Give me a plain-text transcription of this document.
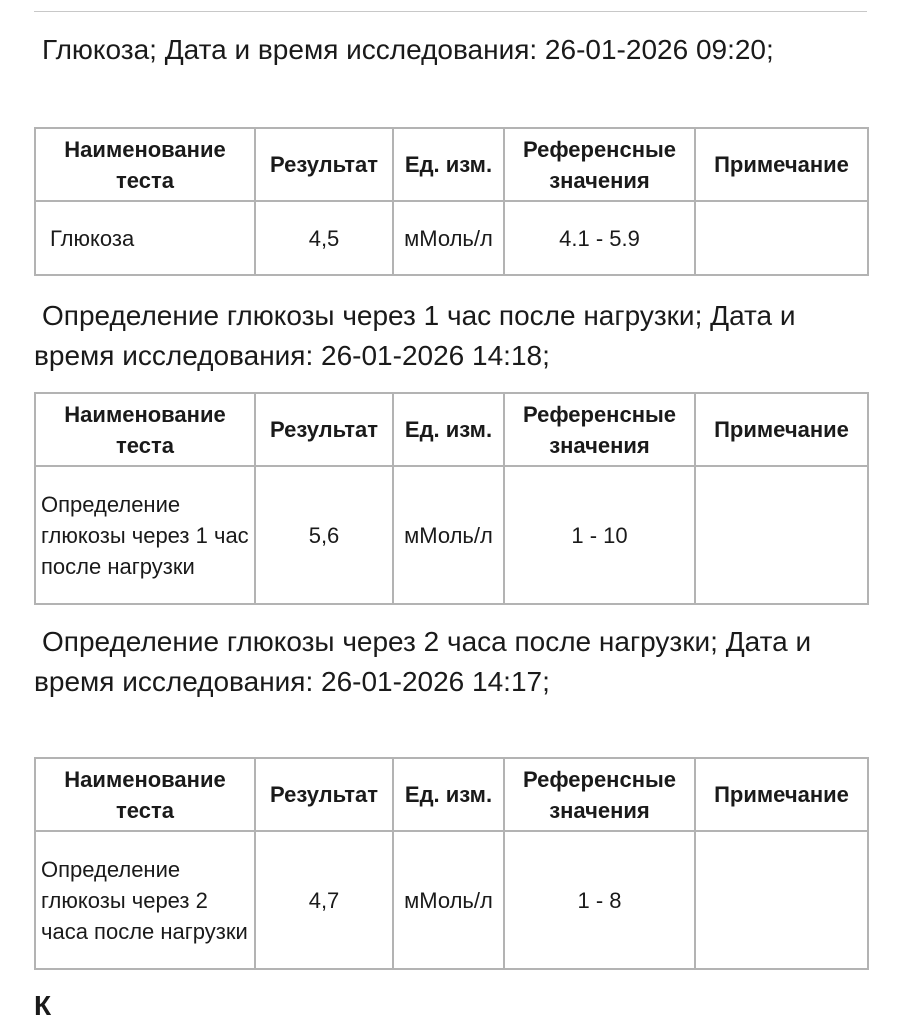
Глюкоза; Дата и время исследования: 26-01-2026 09:20;

Наименование теста	Результат	Ед. изм.	Референсные значения	Примечание
Глюкоза	4,5	мМоль/л	4.1 - 5.9	

Определение глюкозы через 1 час после нагрузки; Дата и время исследования: 26-01-2026 14:18;

Наименование теста	Результат	Ед. изм.	Референсные значения	Примечание
Определение глюкозы через 1 час после нагрузки	5,6	мМоль/л	1 - 10	

Определение глюкозы через 2 часа после нагрузки; Дата и время исследования: 26-01-2026 14:17;

Наименование теста	Результат	Ед. изм.	Референсные значения	Примечание
Определение глюкозы через 2 часа после нагрузки	4,7	мМоль/л	1 - 8	
К
